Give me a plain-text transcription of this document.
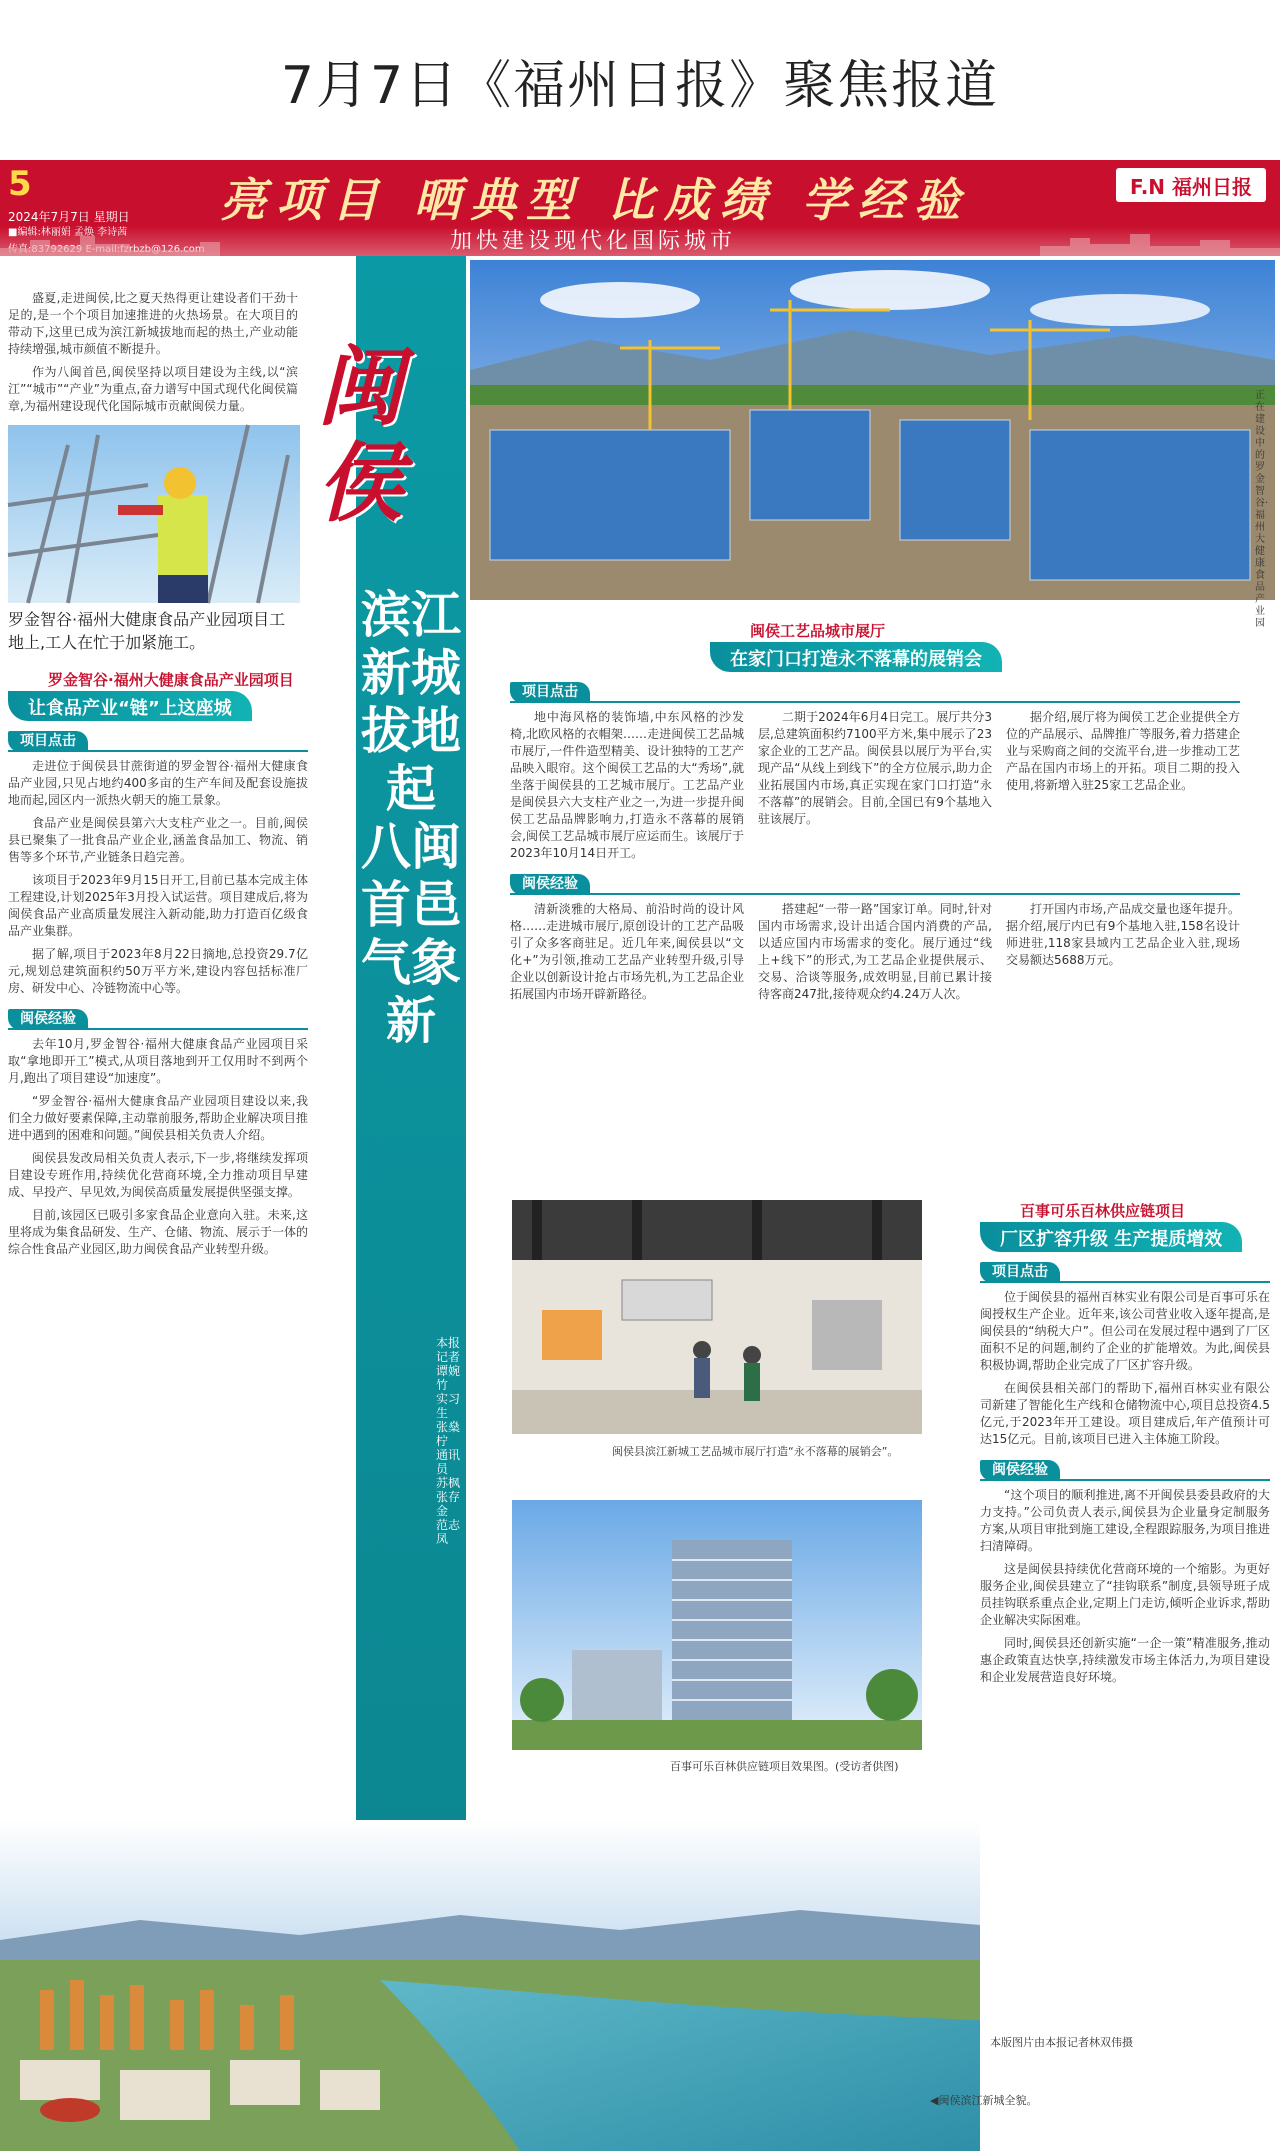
7月7日《福州日报》聚焦报道
5
2024年7月7日 星期日
■编辑:林丽娟 孟焕 李诗茜
亮项目 晒典型 比成绩 学经验
加快建设现代化国际城市
F.N 福州日报

盛夏,走进闽侯,比之夏天热得更让建设者们干劲十足的,是一个个项目加速推进的火热场景。在大项目的带动下,这里已成为滨江新城拔地而起的热土,产业动能持续增强,城市颜值不断提升。

作为八闽首邑,闽侯坚持以项目建设为主线,以“滨江”“城市”“产业”为重点,奋力谱写中国式现代化闽侯篇章,为福州建设现代化国际城市贡献闽侯力量。

罗金智谷·福州大健康食品产业园项目工地上,工人在忙于加紧施工。
罗金智谷·福州大健康食品产业园项目
让食品产业“链”上这座城
项目点击

走进位于闽侯县甘蔗街道的罗金智谷·福州大健康食品产业园,只见占地约400多亩的生产车间及配套设施拔地而起,园区内一派热火朝天的施工景象。

食品产业是闽侯县第六大支柱产业之一。目前,闽侯县已聚集了一批食品产业企业,涵盖食品加工、物流、销售等多个环节,产业链条日趋完善。

该项目于2023年9月15日开工,目前已基本完成主体工程建设,计划2025年3月投入试运营。项目建成后,将为闽侯食品产业高质量发展注入新动能,助力打造百亿级食品产业集群。

据了解,项目于2023年8月22日摘地,总投资29.7亿元,规划总建筑面积约50万平方米,建设内容包括标准厂房、研发中心、冷链物流中心等。

闽侯经验

去年10月,罗金智谷·福州大健康食品产业园项目采取“拿地即开工”模式,从项目落地到开工仅用时不到两个月,跑出了项目建设“加速度”。

“罗金智谷·福州大健康食品产业园项目建设以来,我们全力做好要素保障,主动靠前服务,帮助企业解决项目推进中遇到的困难和问题。”闽侯县相关负责人介绍。

闽侯县发改局相关负责人表示,下一步,将继续发挥项目建设专班作用,持续优化营商环境,全力推动项目早建成、早投产、早见效,为闽侯高质量发展提供坚强支撑。

目前,该园区已吸引多家食品企业意向入驻。未来,这里将成为集食品研发、生产、仓储、物流、展示于一体的综合性食品产业园区,助力闽侯食品产业转型升级。

滨江新城拔地起 八闽首邑气象新
本报记者 谭婉竹 实习生 张燊柠 通讯员 苏枫 张存金 范志凤
闽侯
正在建设中的罗金智谷·福州大健康食品产业园
闽侯工艺品城市展厅
在家门口打造永不落幕的展销会
项目点击

地中海风格的装饰墙,中东风格的沙发椅,北欧风格的衣帽架……走进闽侯工艺品城市展厅,一件件造型精美、设计独特的工艺产品映入眼帘。这个闽侯工艺品的大“秀场”,就坐落于闽侯县的工艺城市展厅。工艺品产业是闽侯县六大支柱产业之一,为进一步提升闽侯工艺品品牌影响力,打造永不落幕的展销会,闽侯工艺品城市展厅应运而生。该展厅于2023年10月14日开工。

二期于2024年6月4日完工。展厅共分3层,总建筑面积约7100平方米,集中展示了23家企业的工艺产品。闽侯县以展厅为平台,实现产品“从线上到线下”的全方位展示,助力企业拓展国内市场,真正实现在家门口打造“永不落幕”的展销会。目前,全国已有9个基地入驻该展厅。

据介绍,展厅将为闽侯工艺企业提供全方位的产品展示、品牌推广等服务,着力搭建企业与采购商之间的交流平台,进一步推动工艺产品在国内市场上的开拓。项目二期的投入使用,将新增入驻25家工艺品企业。

闽侯经验

清新淡雅的大格局、前沿时尚的设计风格……走进城市展厅,原创设计的工艺产品吸引了众多客商驻足。近几年来,闽侯县以“文化+”为引领,推动工艺品产业转型升级,引导企业以创新设计抢占市场先机,为工艺品企业拓展国内市场开辟新路径。

搭建起“一带一路”国家订单。同时,针对国内市场需求,设计出适合国内消费的产品,以适应国内市场需求的变化。展厅通过“线上+线下”的形式,为工艺品企业提供展示、交易、洽谈等服务,成效明显,目前已累计接待客商247批,接待观众约4.24万人次。

打开国内市场,产品成交量也逐年提升。据介绍,展厅内已有9个基地入驻,158名设计师进驻,118家县域内工艺品企业入驻,现场交易额达5688万元。

闽侯县滨江新城工艺品城市展厅打造“永不落幕的展销会”。
百事可乐百林供应链项目效果图。(受访者供图)
百事可乐百林供应链项目
厂区扩容升级 生产提质增效
项目点击

位于闽侯县的福州百林实业有限公司是百事可乐在闽授权生产企业。近年来,该公司营业收入逐年提高,是闽侯县的“纳税大户”。但公司在发展过程中遇到了厂区面积不足的问题,制约了企业的扩能增效。为此,闽侯县积极协调,帮助企业完成了厂区扩容升级。

在闽侯县相关部门的帮助下,福州百林实业有限公司新建了智能化生产线和仓储物流中心,项目总投资4.5亿元,于2023年开工建设。项目建成后,年产值预计可达15亿元。目前,该项目已进入主体施工阶段。

闽侯经验

“这个项目的顺利推进,离不开闽侯县委县政府的大力支持。”公司负责人表示,闽侯县为企业量身定制服务方案,从项目审批到施工建设,全程跟踪服务,为项目推进扫清障碍。

这是闽侯县持续优化营商环境的一个缩影。为更好服务企业,闽侯县建立了“挂钩联系”制度,县领导班子成员挂钩联系重点企业,定期上门走访,倾听企业诉求,帮助企业解决实际困难。

同时,闽侯县还创新实施“一企一策”精准服务,推动惠企政策直达快享,持续激发市场主体活力,为项目建设和企业发展营造良好环境。

本版图片由本报记者林双伟摄
◀闽侯滨江新城全貌。
